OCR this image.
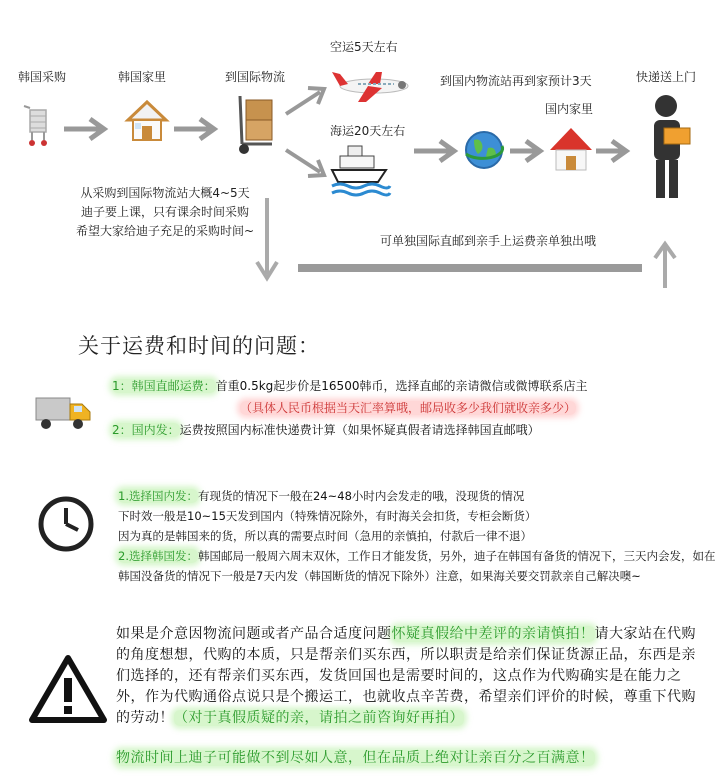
韩国采购	韩国家里	到国际物流
空运5天左右
海运20天左右
到国内物流站再到家预计3天
国内家里
快递送上门
从采购到国际物流站大概4~5天
迪子要上课，只有课余时间采购
希望大家给迪子充足的采购时间~
可单独国际直邮到亲手上运费亲单独出哦
关于运费和时间的问题：
1：韩国直邮运费：首重0.5kg起步价是16500韩币，选择直邮的亲请微信或微博联系店主
（具体人民币根据当天汇率算哦，邮局收多少我们就收亲多少）
2：国内发：运费按照国内标准快递费计算（如果怀疑真假者请选择韩国直邮哦）
1.选择国内发：有现货的情况下一般在24~48小时内会发走的哦，没现货的情况
下时效一般是10~15天发到国内（特殊情况除外，有时海关会扣货，专柜会断货）
因为真的是韩国来的货，所以真的需要点时间（急用的亲慎拍，付款后一律不退）
2.选择韩国发：韩国邮局一般周六周末双休，工作日才能发货，另外，迪子在韩国有备货的情况下，三天内会发，如在
韩国没备货的情况下一般是7天内发（韩国断货的情况下除外）注意，如果海关要交罚款亲自己解决噢~
如果是介意因物流问题或者产品合适度问题怀疑真假给中差评的亲请慎拍！请大家站在代购的角度想想，代购的本质，只是帮亲们买东西，所以职责是给亲们保证货源正品，东西是亲们选择的，还有帮亲们买东西，发货回国也是需要时间的，这点作为代购确实是在能力之外，作为代购通俗点说只是个搬运工，也就收点辛苦费，希望亲们评价的时候，尊重下代购的劳动！（对于真假质疑的亲，请拍之前咨询好再拍）
物流时间上迪子可能做不到尽如人意，但在品质上绝对让亲百分之百满意！
